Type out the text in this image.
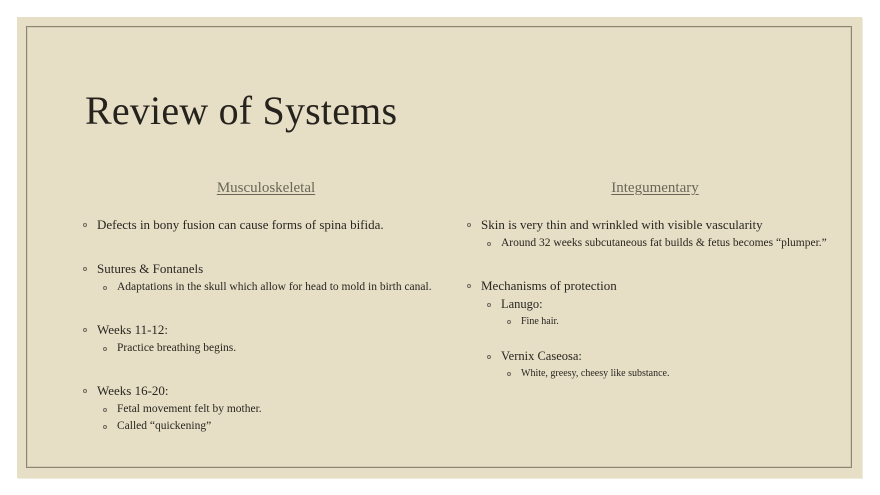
Review of Systems
Musculoskeletal
Defects in bony fusion can cause forms of spina bifida.
Sutures & Fontanels
Adaptations in the skull which allow for head to mold in birth canal.
Weeks 11-12:
Practice breathing begins.
Weeks 16-20:
Fetal movement felt by mother.
Called “quickening”
Integumentary
Skin is very thin and wrinkled with visible vascularity
Around 32 weeks subcutaneous fat builds & fetus becomes “plumper.”
Mechanisms of protection
Lanugo:
Fine hair.
Vernix Caseosa:
White, greesy, cheesy like substance.
